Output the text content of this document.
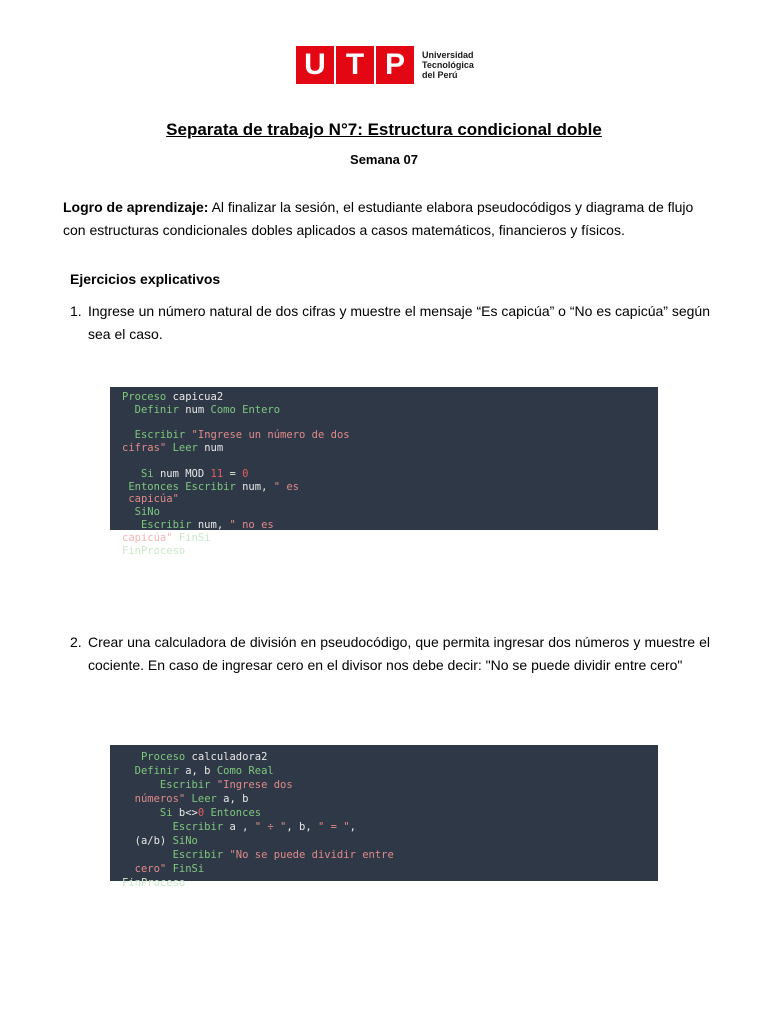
U T P	Universidad
Tecnológica
del Perú
Separata de trabajo N°7: Estructura condicional doble
Semana 07
Logro de aprendizaje: Al finalizar la sesión, el estudiante elabora pseudocódigos y diagrama de flujo con estructuras condicionales dobles aplicados a casos matemáticos, financieros y físicos.
Ejercicios explicativos
1. Ingrese un número natural de dos cifras y muestre el mensaje “Es capicúa” o “No es capicúa” según sea el caso.
Proceso capicua2
Definir num Como Entero
Escribir "Ingrese un número de dos
cifras" Leer num
Si num MOD 11 = 0
Entonces Escribir num, " es
capicúa"
SiNo
Escribir num, " no es
capicúa" FinSi
FinProceso
2. Crear una calculadora de división en pseudocódigo, que permita ingresar dos números y muestre el cociente. En caso de ingresar cero en el divisor nos debe decir: "No se puede dividir entre cero"
Proceso calculadora2
Definir a, b Como Real
Escribir "Ingrese dos
números" Leer a, b
Si b<>0 Entonces
Escribir a , " ÷ ", b, " = ",
(a/b) SiNo
Escribir "No se puede dividir entre
cero" FinSi
FinProceso
